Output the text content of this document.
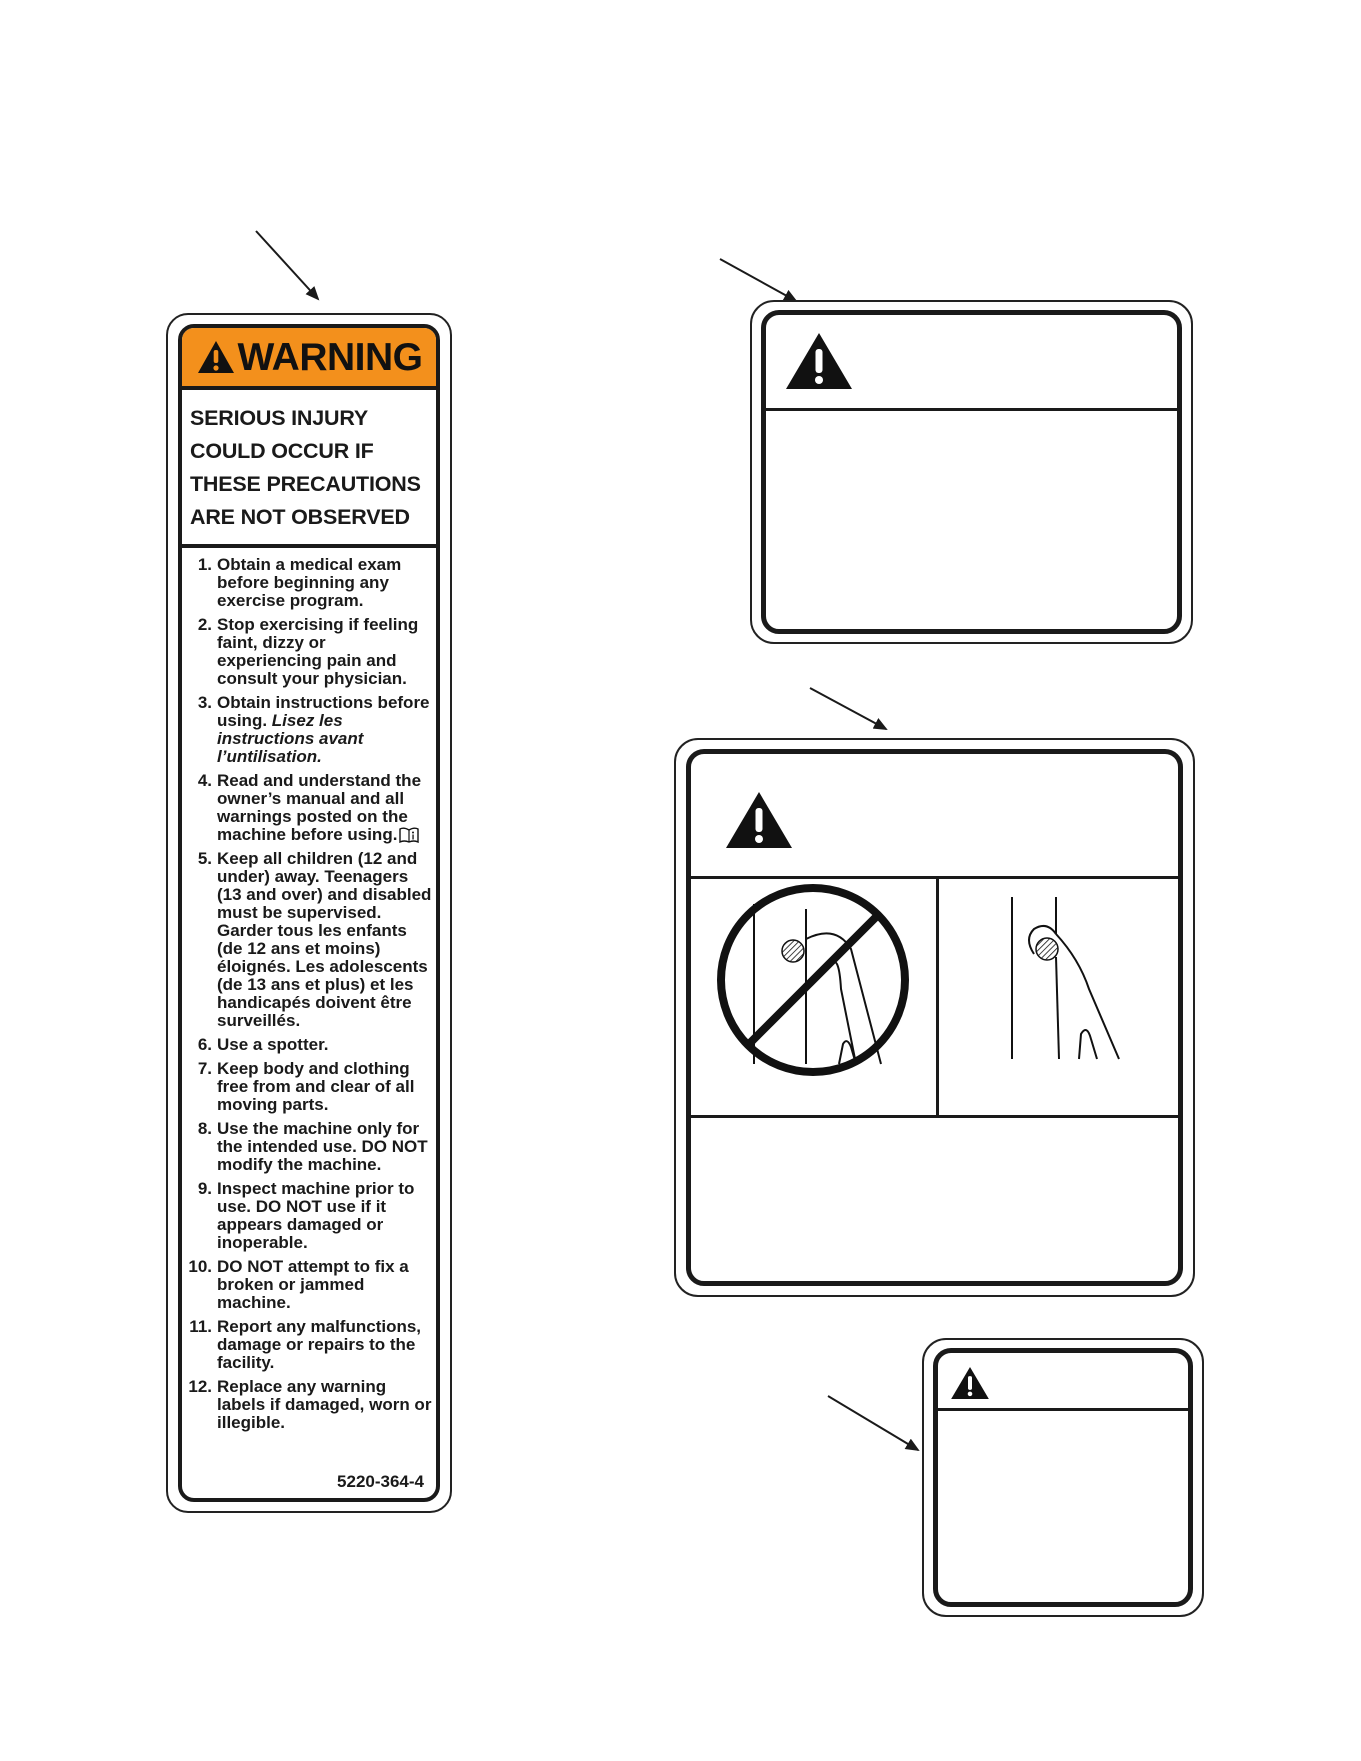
WARNING
SERIOUS INJURY
COULD OCCUR IF
THESE PRECAUTIONS
ARE NOT OBSERVED
1. Obtain a medical exam before beginning any exercise program.
2. Stop exercising if feeling faint, dizzy or experiencing pain and consult your physician.
3. Obtain instructions before using. Lisez les instructions avant l’untilisation.
4. Read and understand the owner’s manual and all warnings posted on the machine before using.
5. Keep all children (12 and under) away. Teenagers (13 and over) and disabled must be supervised. Garder tous les enfants (de 12 ans et moins) éloignés. Les adolescents (de 13 ans et plus) et les handicapés doivent être surveillés.
6. Use a spotter.
7. Keep body and clothing free from and clear of all moving parts.
8. Use the machine only for the intended use. DO NOT modify the machine.
9. Inspect machine prior to use. DO NOT use if it appears damaged or inoperable.
10. DO NOT attempt to fix a broken or jammed machine.
11. Report any malfunctions, damage or repairs to the facility.
12. Replace any warning labels if damaged, worn or illegible.
5220-364-4
